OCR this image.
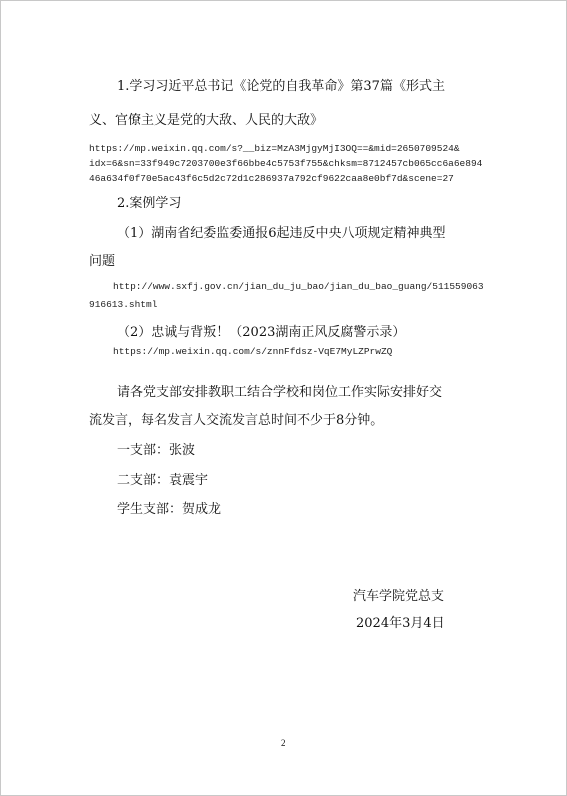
1.学习习近平总书记《论党的自我革命》第37篇《形式主
义、官僚主义是党的大敌、人民的大敌》
https://mp.weixin.qq.com/s?__biz=MzA3MjgyMjI3OQ==&mid=2650709524&
idx=6&sn=33f949c7203700e3f66bbe4c5753f755&chksm=8712457cb065cc6a6e894
46a634f0f70e5ac43f6c5d2c72d1c286937a792cf9622caa8e0bf7d&scene=27
2.案例学习
（1）湖南省纪委监委通报6起违反中央八项规定精神典型
问题
http://www.sxfj.gov.cn/jian_du_ju_bao/jian_du_bao_guang/511559063
916613.shtml
（2）忠诚与背叛！（2023湖南正风反腐警示录）
https://mp.weixin.qq.com/s/znnFfdsz-VqE7MyLZPrwZQ
请各党支部安排教职工结合学校和岗位工作实际安排好交
流发言，每名发言人交流发言总时间不少于8分钟。
一支部：张波
二支部：袁震宇
学生支部：贺成龙
汽车学院党总支
2024年3月4日
2
